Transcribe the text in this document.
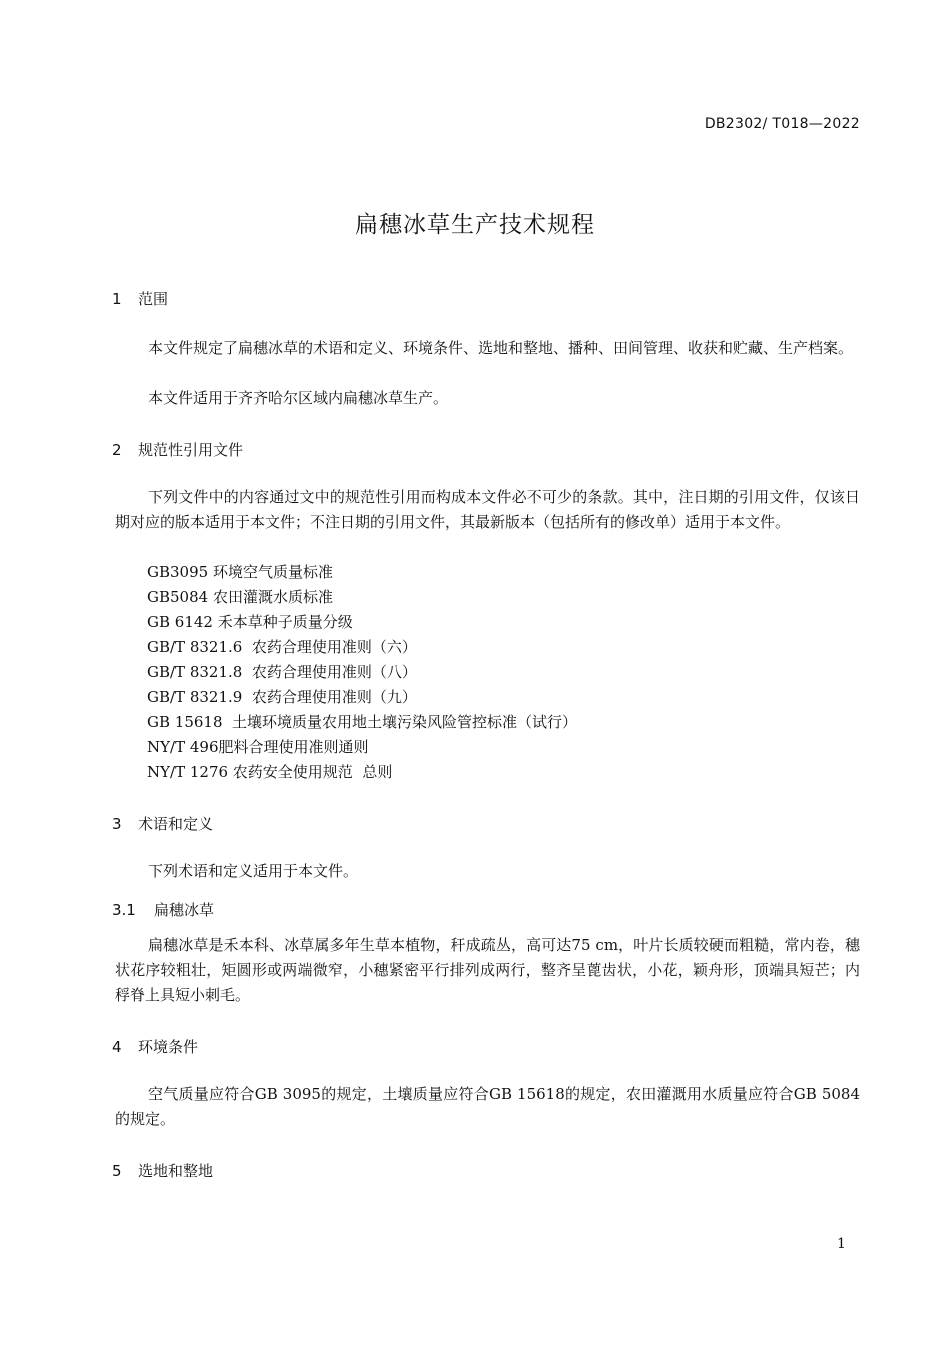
DB2302/ T018—2022
扁穗冰草生产技术规程
1 范围
本文件规定了扁穗冰草的术语和定义、环境条件、选地和整地、播种、田间管理、收获和贮藏、生产档案。
本文件适用于齐齐哈尔区域内扁穗冰草生产。
2 规范性引用文件
下列文件中的内容通过文中的规范性引用而构成本文件必不可少的条款。其中，注日期的引用文件，仅该日期对应的版本适用于本文件；不注日期的引用文件，其最新版本（包括所有的修改单）适用于本文件。
GB3095 环境空气质量标准
GB5084 农田灌溉水质标准
GB 6142 禾本草种子质量分级
GB/T 8321.6  农药合理使用准则（六）
GB/T 8321.8  农药合理使用准则（八）
GB/T 8321.9  农药合理使用准则（九）
GB 15618  土壤环境质量农用地土壤污染风险管控标准（试行）
NY/T 496肥料合理使用准则通则
NY/T 1276 农药安全使用规范  总则
3 术语和定义
下列术语和定义适用于本文件。
3.1 扁穗冰草
扁穗冰草是禾本科、冰草属多年生草本植物，秆成疏丛，高可达75 cm，叶片长质较硬而粗糙，常内卷，穗状花序较粗壮，矩圆形或两端微窄，小穗紧密平行排列成两行，整齐呈蓖齿状，小花，颖舟形，顶端具短芒；内稃脊上具短小刺毛。
4 环境条件
空气质量应符合GB 3095的规定，土壤质量应符合GB 15618的规定，农田灌溉用水质量应符合GB 5084的规定。
5 选地和整地
1
